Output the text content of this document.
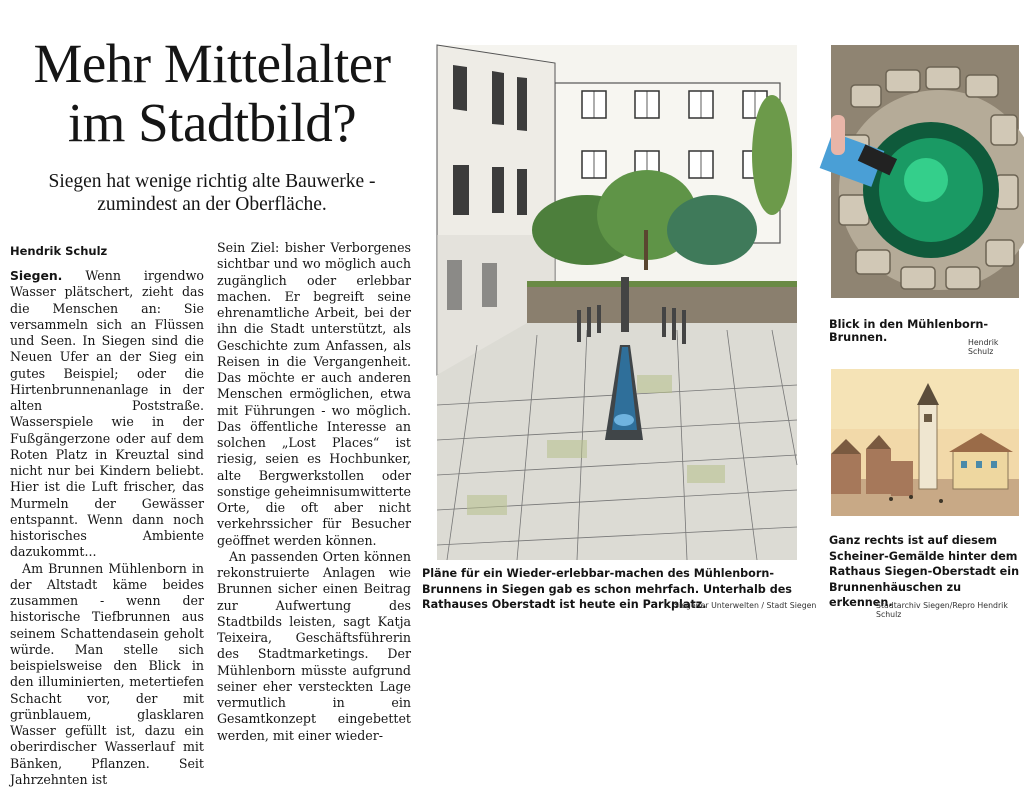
Mehr Mittelalter
im Stadtbild?
Siegen hat wenige richtig alte Bauwerke -
zumindest an der Oberfläche.
Hendrik Schulz

Siegen. Wenn irgendwo Wasser plätschert, zieht das die Menschen an: Sie versammeln sich an Flüssen und Seen. In Siegen sind die Neuen Ufer an der Sieg ein gutes Beispiel; oder die Hirtenbrunnenanlage in der alten Poststraße. Wasserspiele wie in der Fußgängerzone oder auf dem Roten Platz in Kreuztal sind nicht nur bei Kindern beliebt. Hier ist die Luft frischer, das Murmeln der Gewässer entspannt. Wenn dann noch historisches Ambiente dazukommt...

Am Brunnen Mühlenborn in der Altstadt käme beides zusammen - wenn der historische Tiefbrunnen aus seinem Schattendasein geholt würde. Man stelle sich beispielsweise den Blick in den illuminierten, metertiefen Schacht vor, der mit grünblauem, glasklaren Wasser gefüllt ist, dazu ein oberirdischer Wasserlauf mit Bänken, Pflanzen. Seit Jahrzehnten ist

Sein Ziel: bisher Verborgenes sichtbar und wo möglich auch zugänglich oder erlebbar machen. Er begreift seine ehrenamtliche Arbeit, bei der ihn die Stadt unterstützt, als Geschichte zum Anfassen, als Reisen in die Vergangenheit. Das möchte er auch anderen Menschen ermöglichen, etwa mit Führungen - wo möglich. Das öffentliche Interesse an solchen „Lost Places“ ist riesig, seien es Hochbunker, alte Bergwerkstollen oder sonstige geheimnisumwitterte Orte, die oft aber nicht verkehrssicher für Besucher geöffnet werden können.

An passenden Orten können rekonstruierte Anlagen wie Brunnen sicher einen Beitrag zur Aufwertung des Stadtbilds leisten, sagt Katja Teixeira, Geschäftsführerin des Stadtmarketings. Der Mühlenborn müsste aufgrund seiner eher versteckten Lage vermutlich in ein Gesamtkonzept eingebettet werden, mit einer wieder-

Pläne für ein Wieder-erlebbar-machen des Mühlenborn-Brunnens in Siegen gab es schon mehrfach. Unterhalb des Rathauses Oberstadt ist heute ein Parkplatz.
Siegener Unterwelten / Stadt Siegen
Blick in den Mühlenborn-Brunnen.	Hendrik Schulz
Ganz rechts ist auf diesem Scheiner-Gemälde hinter dem Rathaus Siegen-Oberstadt ein Brunnenhäuschen zu erkennen.
Stadtarchiv Siegen/Repro Hendrik Schulz
